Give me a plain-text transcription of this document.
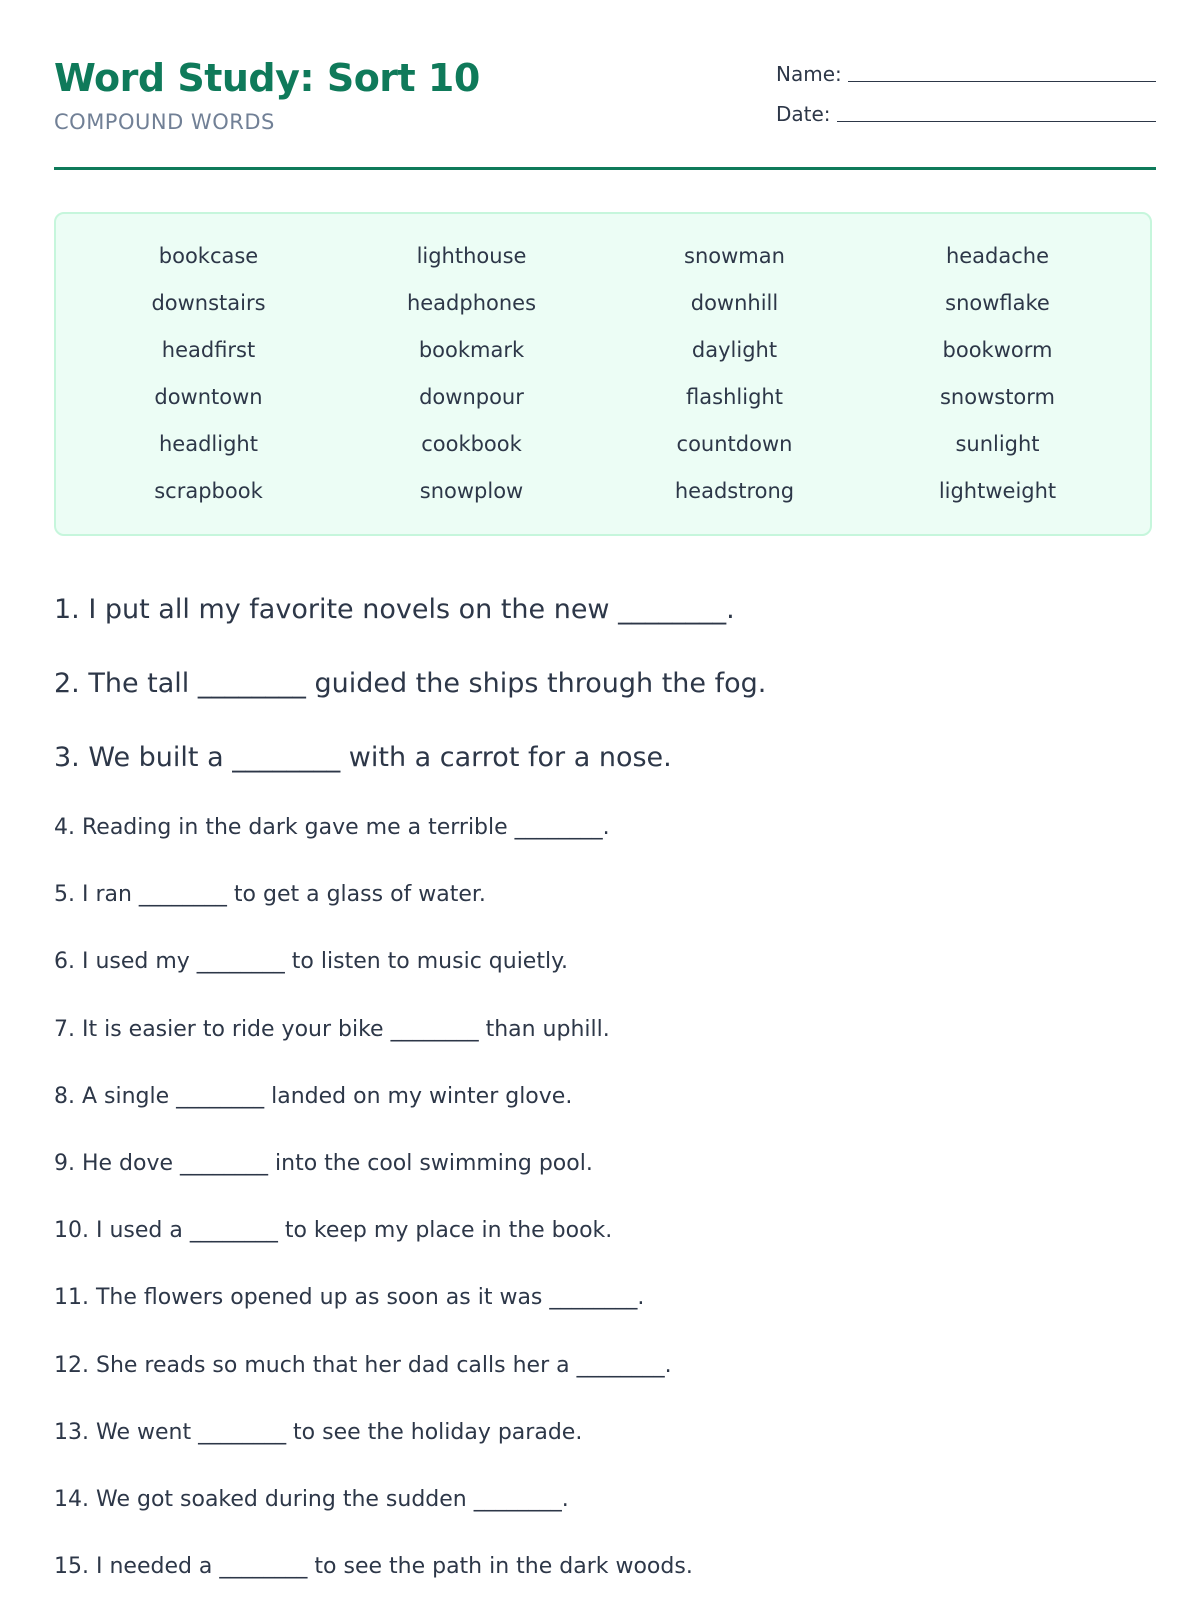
Word Study: Sort 10
COMPOUND WORDS
Name:
Date:
bookcase	lighthouse	snowman	headache
downstairs	headphones	downhill	snowflake
headfirst	bookmark	daylight	bookworm
downtown	downpour	flashlight	snowstorm
headlight	cookbook	countdown	sunlight
scrapbook	snowplow	headstrong	lightweight

1. I put all my favorite novels on the new ________.

2. The tall ________ guided the ships through the fog.

3. We built a ________ with a carrot for a nose.

4. Reading in the dark gave me a terrible ________.

5. I ran ________ to get a glass of water.

6. I used my ________ to listen to music quietly.

7. It is easier to ride your bike ________ than uphill.

8. A single ________ landed on my winter glove.

9. He dove ________ into the cool swimming pool.

10. I used a ________ to keep my place in the book.

11. The flowers opened up as soon as it was ________.

12. She reads so much that her dad calls her a ________.

13. We went ________ to see the holiday parade.

14. We got soaked during the sudden ________.

15. I needed a ________ to see the path in the dark woods.
